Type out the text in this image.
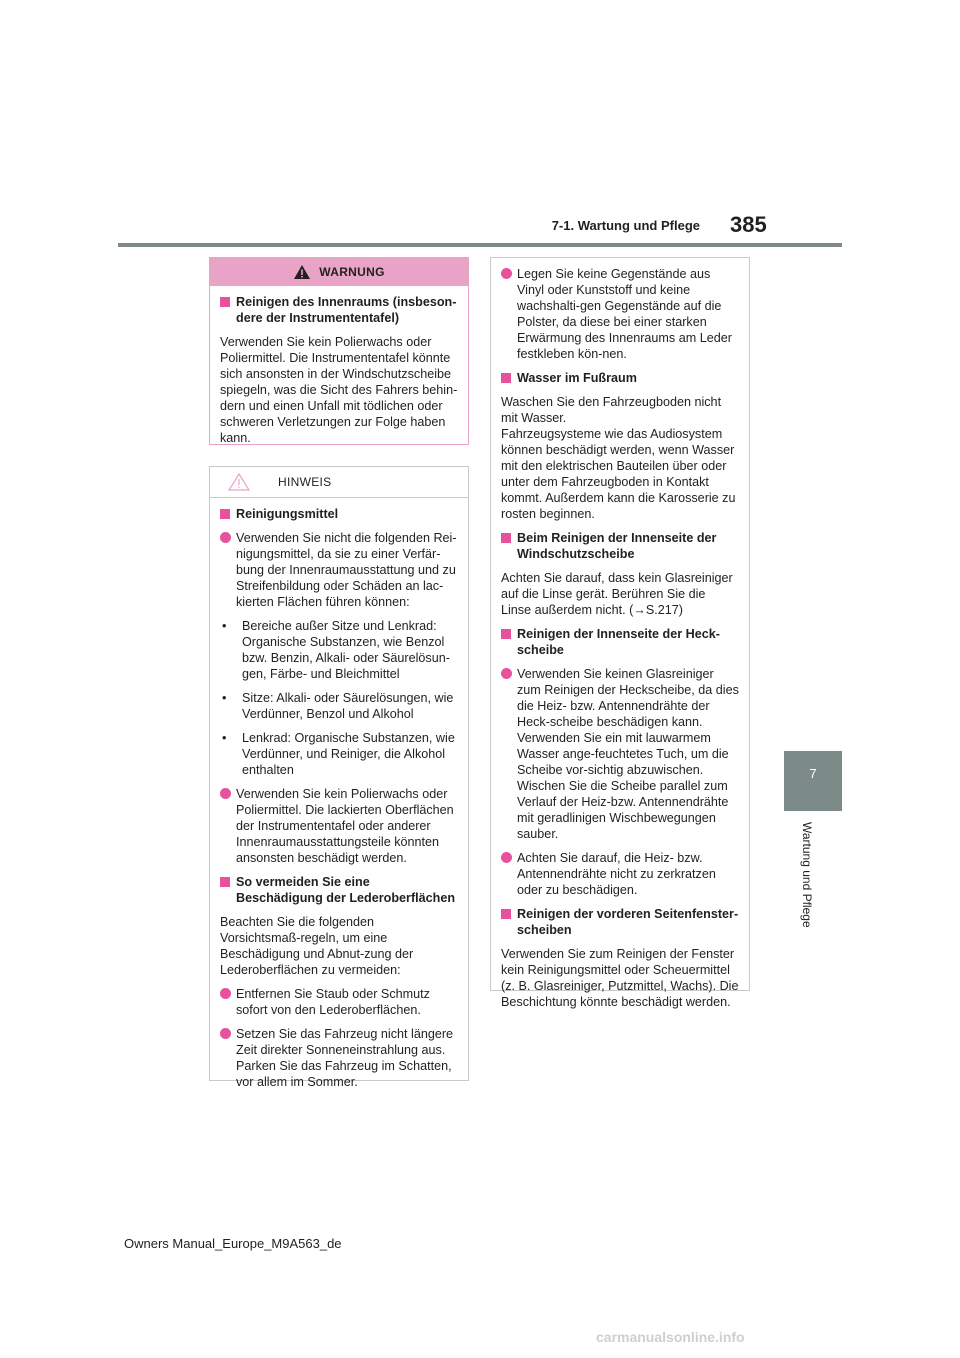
7-1. Wartung und Pflege 385
7
Wartung und Pflege
WARNUNG
Reinigen des Innenraums (insbeson-dere der Instrumententafel)

Verwenden Sie kein Polierwachs oder Poliermittel. Die Instrumententafel könnte sich ansonsten in der Windschutzscheibe spiegeln, was die Sicht des Fahrers behin-dern und einen Unfall mit tödlichen oder schweren Verletzungen zur Folge haben kann.

HINWEIS
Reinigungsmittel
Verwenden Sie nicht die folgenden Rei-nigungsmittel, da sie zu einer Verfär-bung der Innenraumausstattung und zu Streifenbildung oder Schäden an lac-kierten Flächen führen können:
• Bereiche außer Sitze und Lenkrad: Organische Substanzen, wie Benzol bzw. Benzin, Alkali- oder Säurelösun-gen, Färbe- und Bleichmittel
• Sitze: Alkali- oder Säurelösungen, wie Verdünner, Benzol und Alkohol
• Lenkrad: Organische Substanzen, wie Verdünner, und Reiniger, die Alkohol enthalten
Verwenden Sie kein Polierwachs oder Poliermittel. Die lackierten Oberflächen der Instrumententafel oder anderer Innenraumausstattungsteile könnten ansonsten beschädigt werden.
So vermeiden Sie eine Beschädigung der Lederoberflächen

Beachten Sie die folgenden Vorsichtsmaß-regeln, um eine Beschädigung und Abnut-zung der Lederoberflächen zu vermeiden:

Entfernen Sie Staub oder Schmutz sofort von den Lederoberflächen.
Setzen Sie das Fahrzeug nicht längere Zeit direkter Sonneneinstrahlung aus. Parken Sie das Fahrzeug im Schatten, vor allem im Sommer.
Legen Sie keine Gegenstände aus Vinyl oder Kunststoff und keine wachshalti-gen Gegenstände auf die Polster, da diese bei einer starken Erwärmung des Innenraums am Leder festkleben kön-nen.
Wasser im Fußraum

Waschen Sie den Fahrzeugboden nicht mit Wasser.

Fahrzeugsysteme wie das Audiosystem können beschädigt werden, wenn Wasser mit den elektrischen Bauteilen über oder unter dem Fahrzeugboden in Kontakt kommt. Außerdem kann die Karosserie zu rosten beginnen.

Beim Reinigen der Innenseite der Windschutzscheibe

Achten Sie darauf, dass kein Glasreiniger auf die Linse gerät. Berühren Sie die Linse außerdem nicht. (→S.217)

Reinigen der Innenseite der Heck-scheibe
Verwenden Sie keinen Glasreiniger zum Reinigen der Heckscheibe, da dies die Heiz- bzw. Antennendrähte der Heck-scheibe beschädigen kann. Verwenden Sie ein mit lauwarmem Wasser ange-feuchtetes Tuch, um die Scheibe vor-sichtig abzuwischen. Wischen Sie die Scheibe parallel zum Verlauf der Heiz-bzw. Antennendrähte mit geradlinigen Wischbewegungen sauber.
Achten Sie darauf, die Heiz- bzw. Antennendrähte nicht zu zerkratzen oder zu beschädigen.
Reinigen der vorderen Seitenfenster-scheiben

Verwenden Sie zum Reinigen der Fenster kein Reinigungsmittel oder Scheuermittel (z. B. Glasreiniger, Putzmittel, Wachs). Die Beschichtung könnte beschädigt werden.

Owners Manual_Europe_M9A563_de
carmanualsonline.info
